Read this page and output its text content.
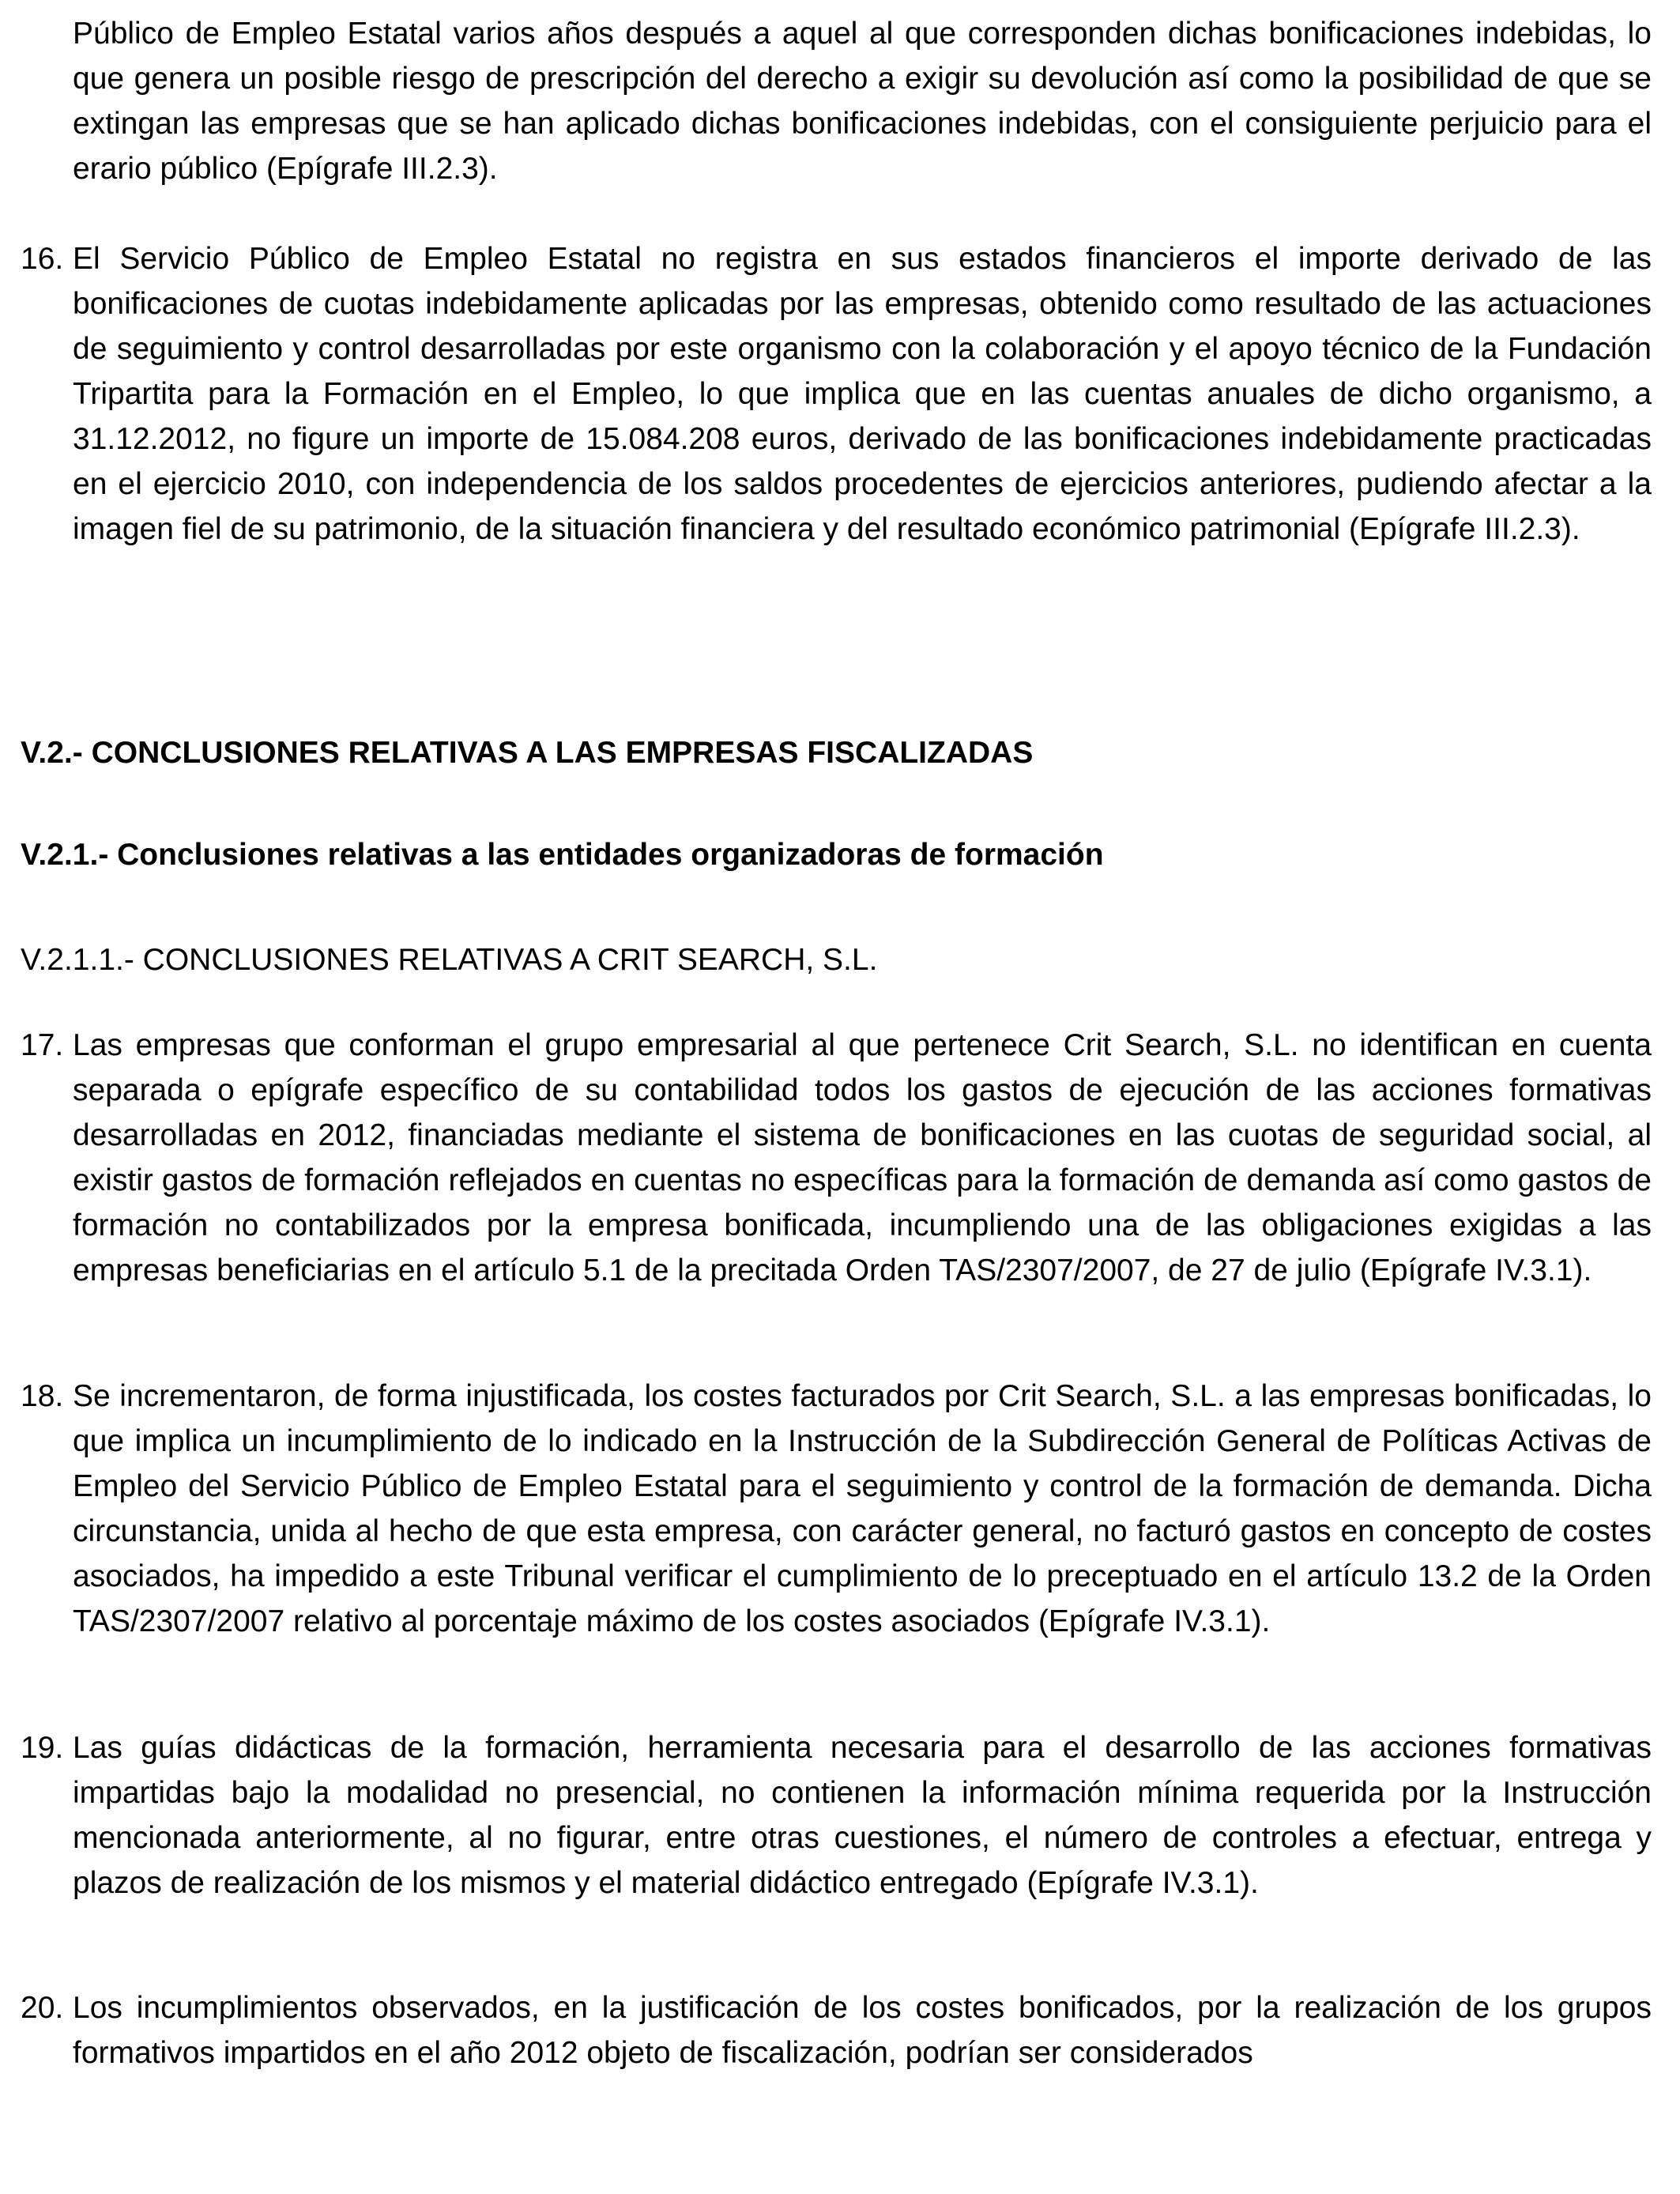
Público de Empleo Estatal varios años después a aquel al que corresponden dichas bonificaciones indebidas, lo que genera un posible riesgo de prescripción del derecho a exigir su devolución así como la posibilidad de que se extingan las empresas que se han aplicado dichas bonificaciones indebidas, con el consiguiente perjuicio para el erario público (Epígrafe III.2.3).

16. El Servicio Público de Empleo Estatal no registra en sus estados financieros el importe derivado de las bonificaciones de cuotas indebidamente aplicadas por las empresas, obtenido como resultado de las actuaciones de seguimiento y control desarrolladas por este organismo con la colaboración y el apoyo técnico de la Fundación Tripartita para la Formación en el Empleo, lo que implica que en las cuentas anuales de dicho organismo, a 31.12.2012, no figure un importe de 15.084.208 euros, derivado de las bonificaciones indebidamente practicadas en el ejercicio 2010, con independencia de los saldos procedentes de ejercicios anteriores, pudiendo afectar a la imagen fiel de su patrimonio, de la situación financiera y del resultado económico patrimonial (Epígrafe III.2.3).
V.2.- CONCLUSIONES RELATIVAS A LAS EMPRESAS FISCALIZADAS
V.2.1.- Conclusiones relativas a las entidades organizadoras de formación
V.2.1.1.- CONCLUSIONES RELATIVAS A CRIT SEARCH, S.L.
17. Las empresas que conforman el grupo empresarial al que pertenece Crit Search, S.L. no identifican en cuenta separada o epígrafe específico de su contabilidad todos los gastos de ejecución de las acciones formativas desarrolladas en 2012, financiadas mediante el sistema de bonificaciones en las cuotas de seguridad social, al existir gastos de formación reflejados en cuentas no específicas para la formación de demanda así como gastos de formación no contabilizados por la empresa bonificada, incumpliendo una de las obligaciones exigidas a las empresas beneficiarias en el artículo 5.1 de la precitada Orden TAS/2307/2007, de 27 de julio (Epígrafe IV.3.1).
18. Se incrementaron, de forma injustificada, los costes facturados por Crit Search, S.L. a las empresas bonificadas, lo que implica un incumplimiento de lo indicado en la Instrucción de la Subdirección General de Políticas Activas de Empleo del Servicio Público de Empleo Estatal para el seguimiento y control de la formación de demanda. Dicha circunstancia, unida al hecho de que esta empresa, con carácter general, no facturó gastos en concepto de costes asociados, ha impedido a este Tribunal verificar el cumplimiento de lo preceptuado en el artículo 13.2 de la Orden TAS/2307/2007 relativo al porcentaje máximo de los costes asociados (Epígrafe IV.3.1).
19. Las guías didácticas de la formación, herramienta necesaria para el desarrollo de las acciones formativas impartidas bajo la modalidad no presencial, no contienen la información mínima requerida por la Instrucción mencionada anteriormente, al no figurar, entre otras cuestiones, el número de controles a efectuar, entrega y plazos de realización de los mismos y el material didáctico entregado (Epígrafe IV.3.1).
20. Los incumplimientos observados, en la justificación de los costes bonificados, por la realización de los grupos formativos impartidos en el año 2012 objeto de fiscalización, podrían ser considerados
